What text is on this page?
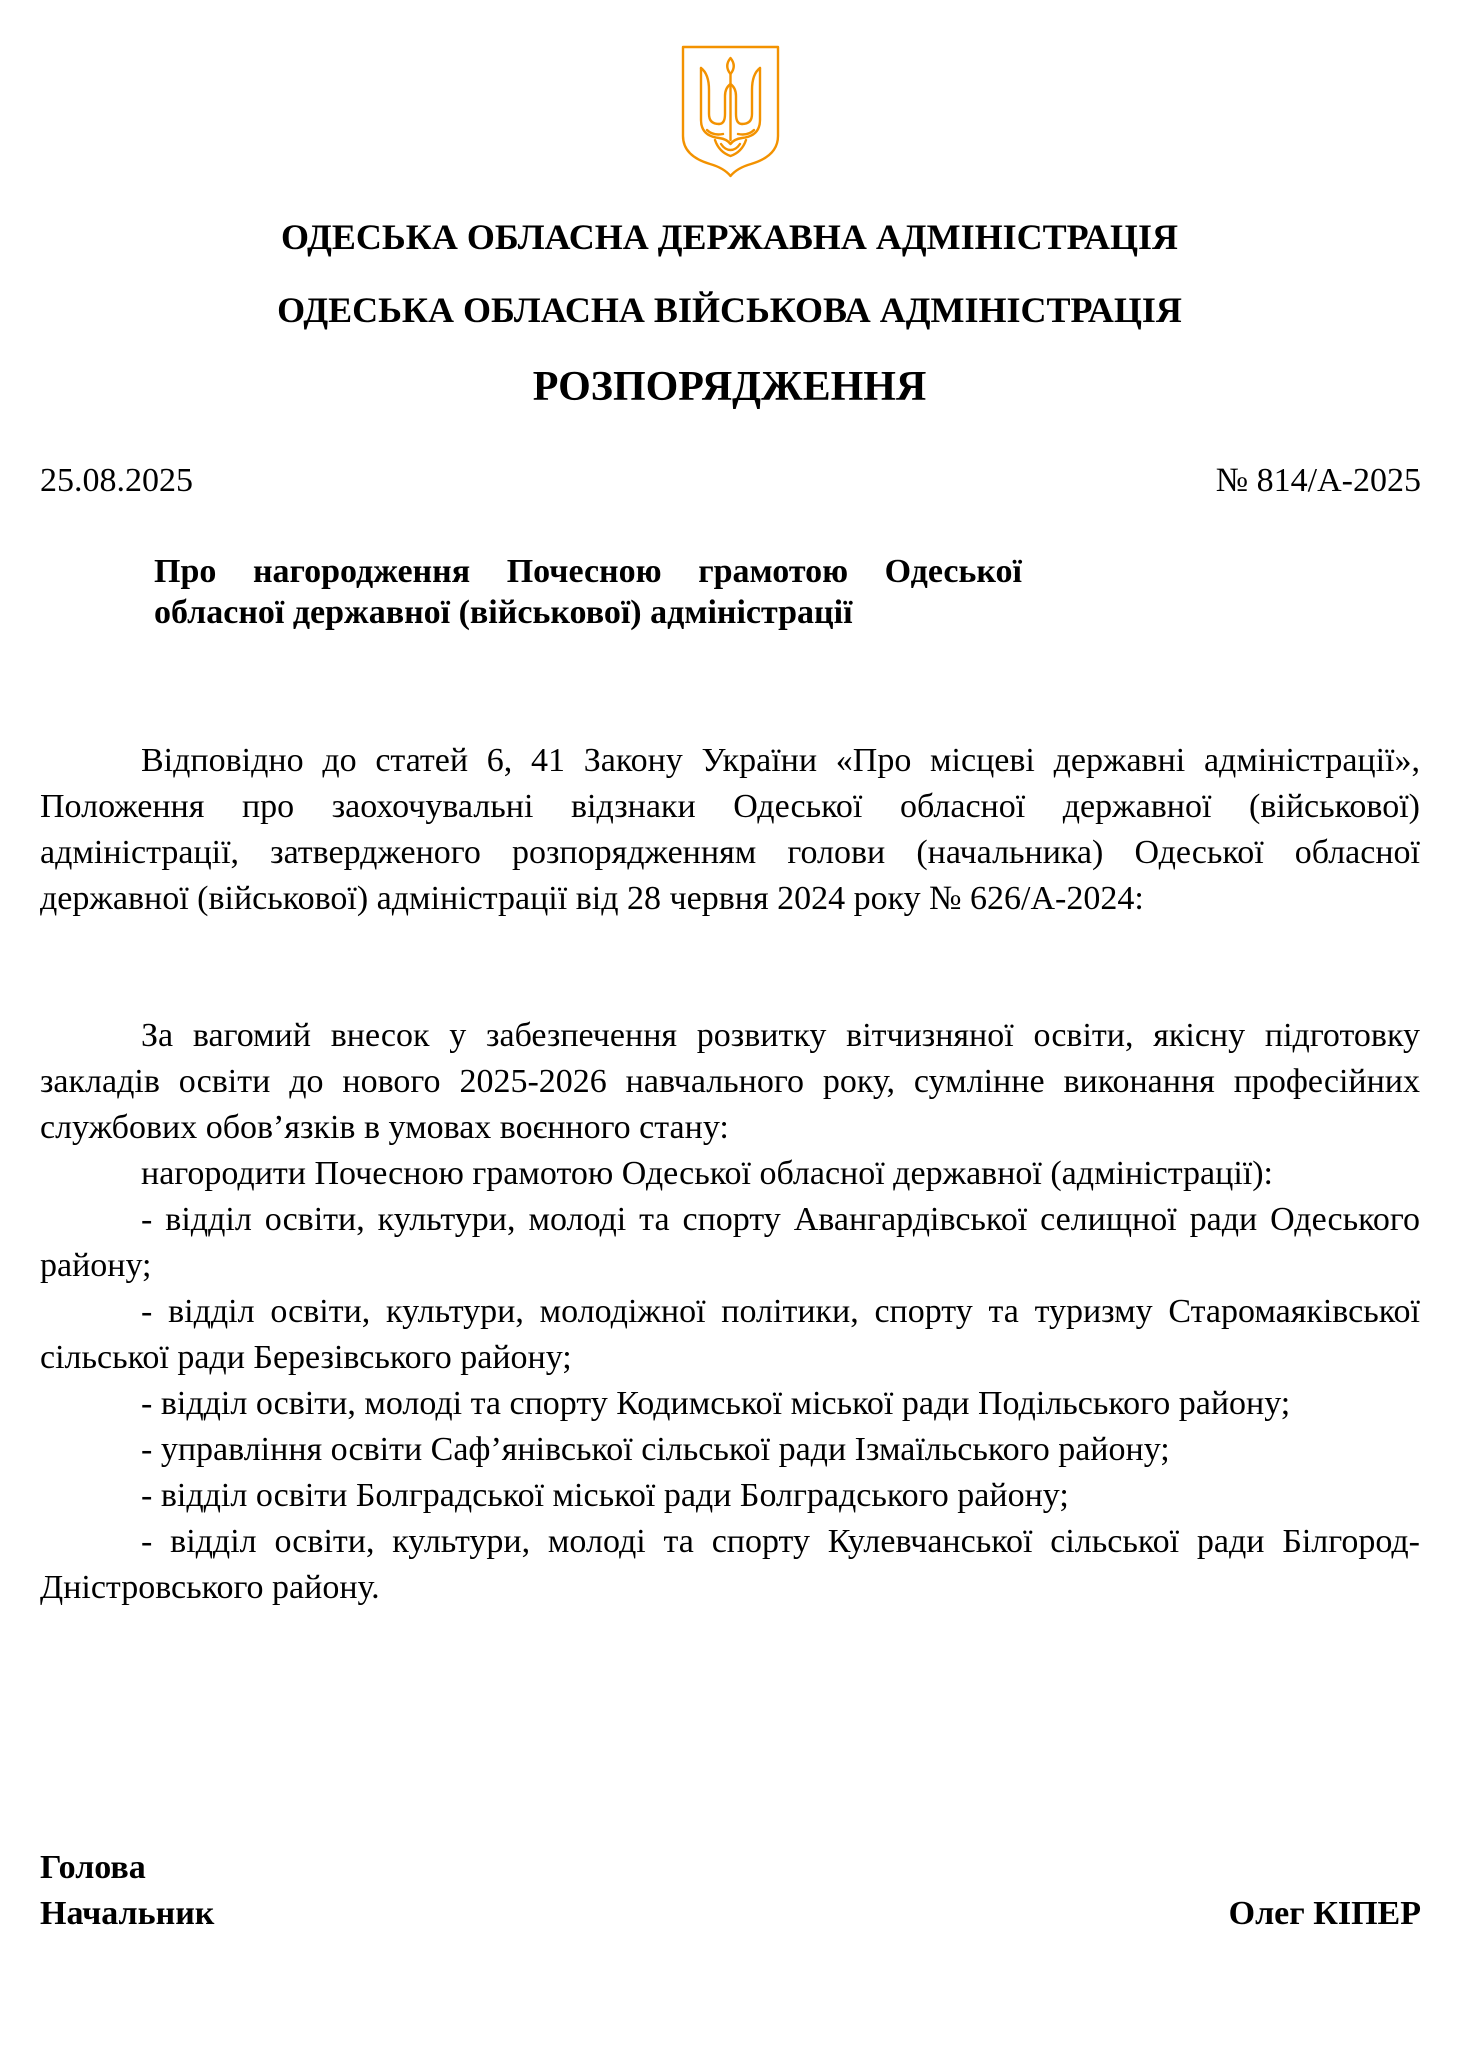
ОДЕСЬКА ОБЛАСНА ДЕРЖАВНА АДМІНІСТРАЦІЯ
ОДЕСЬКА ОБЛАСНА ВІЙСЬКОВА АДМІНІСТРАЦІЯ
РОЗПОРЯДЖЕННЯ
25.08.2025	№ 814/А-2025
Про нагородження Почесною грамотою Одеської обласної державної (військової) адміністрації

Відповідно до статей 6, 41 Закону України «Про місцеві державні адміністрації», Положення про заохочувальні відзнаки Одеської обласної державної (військової) адміністрації, затвердженого розпорядженням голови (начальника) Одеської обласної державної (військової) адміністрації від 28 червня 2024 року № 626/А-2024:

За вагомий внесок у забезпечення розвитку вітчизняної освіти, якісну підготовку закладів освіти до нового 2025-2026 навчального року, сумлінне виконання професійних службових обов’язків в умовах воєнного стану:

нагородити Почесною грамотою Одеської обласної державної (адміністрації):

- відділ освіти, культури, молоді та спорту Авангардівської селищної ради Одеського району;

- відділ освіти, культури, молодіжної політики, спорту та туризму Старомаяківської сільської ради Березівського району;

- відділ освіти, молоді та спорту Кодимської міської ради Подільського району;

- управління освіти Саф’янівської сільської ради Ізмаїльського району;

- відділ освіти Болградської міської ради Болградського району;

- відділ освіти, культури, молоді та спорту Кулевчанської сільської ради Білгород-Дністровського району.

Голова
Начальник	Олег КІПЕР
